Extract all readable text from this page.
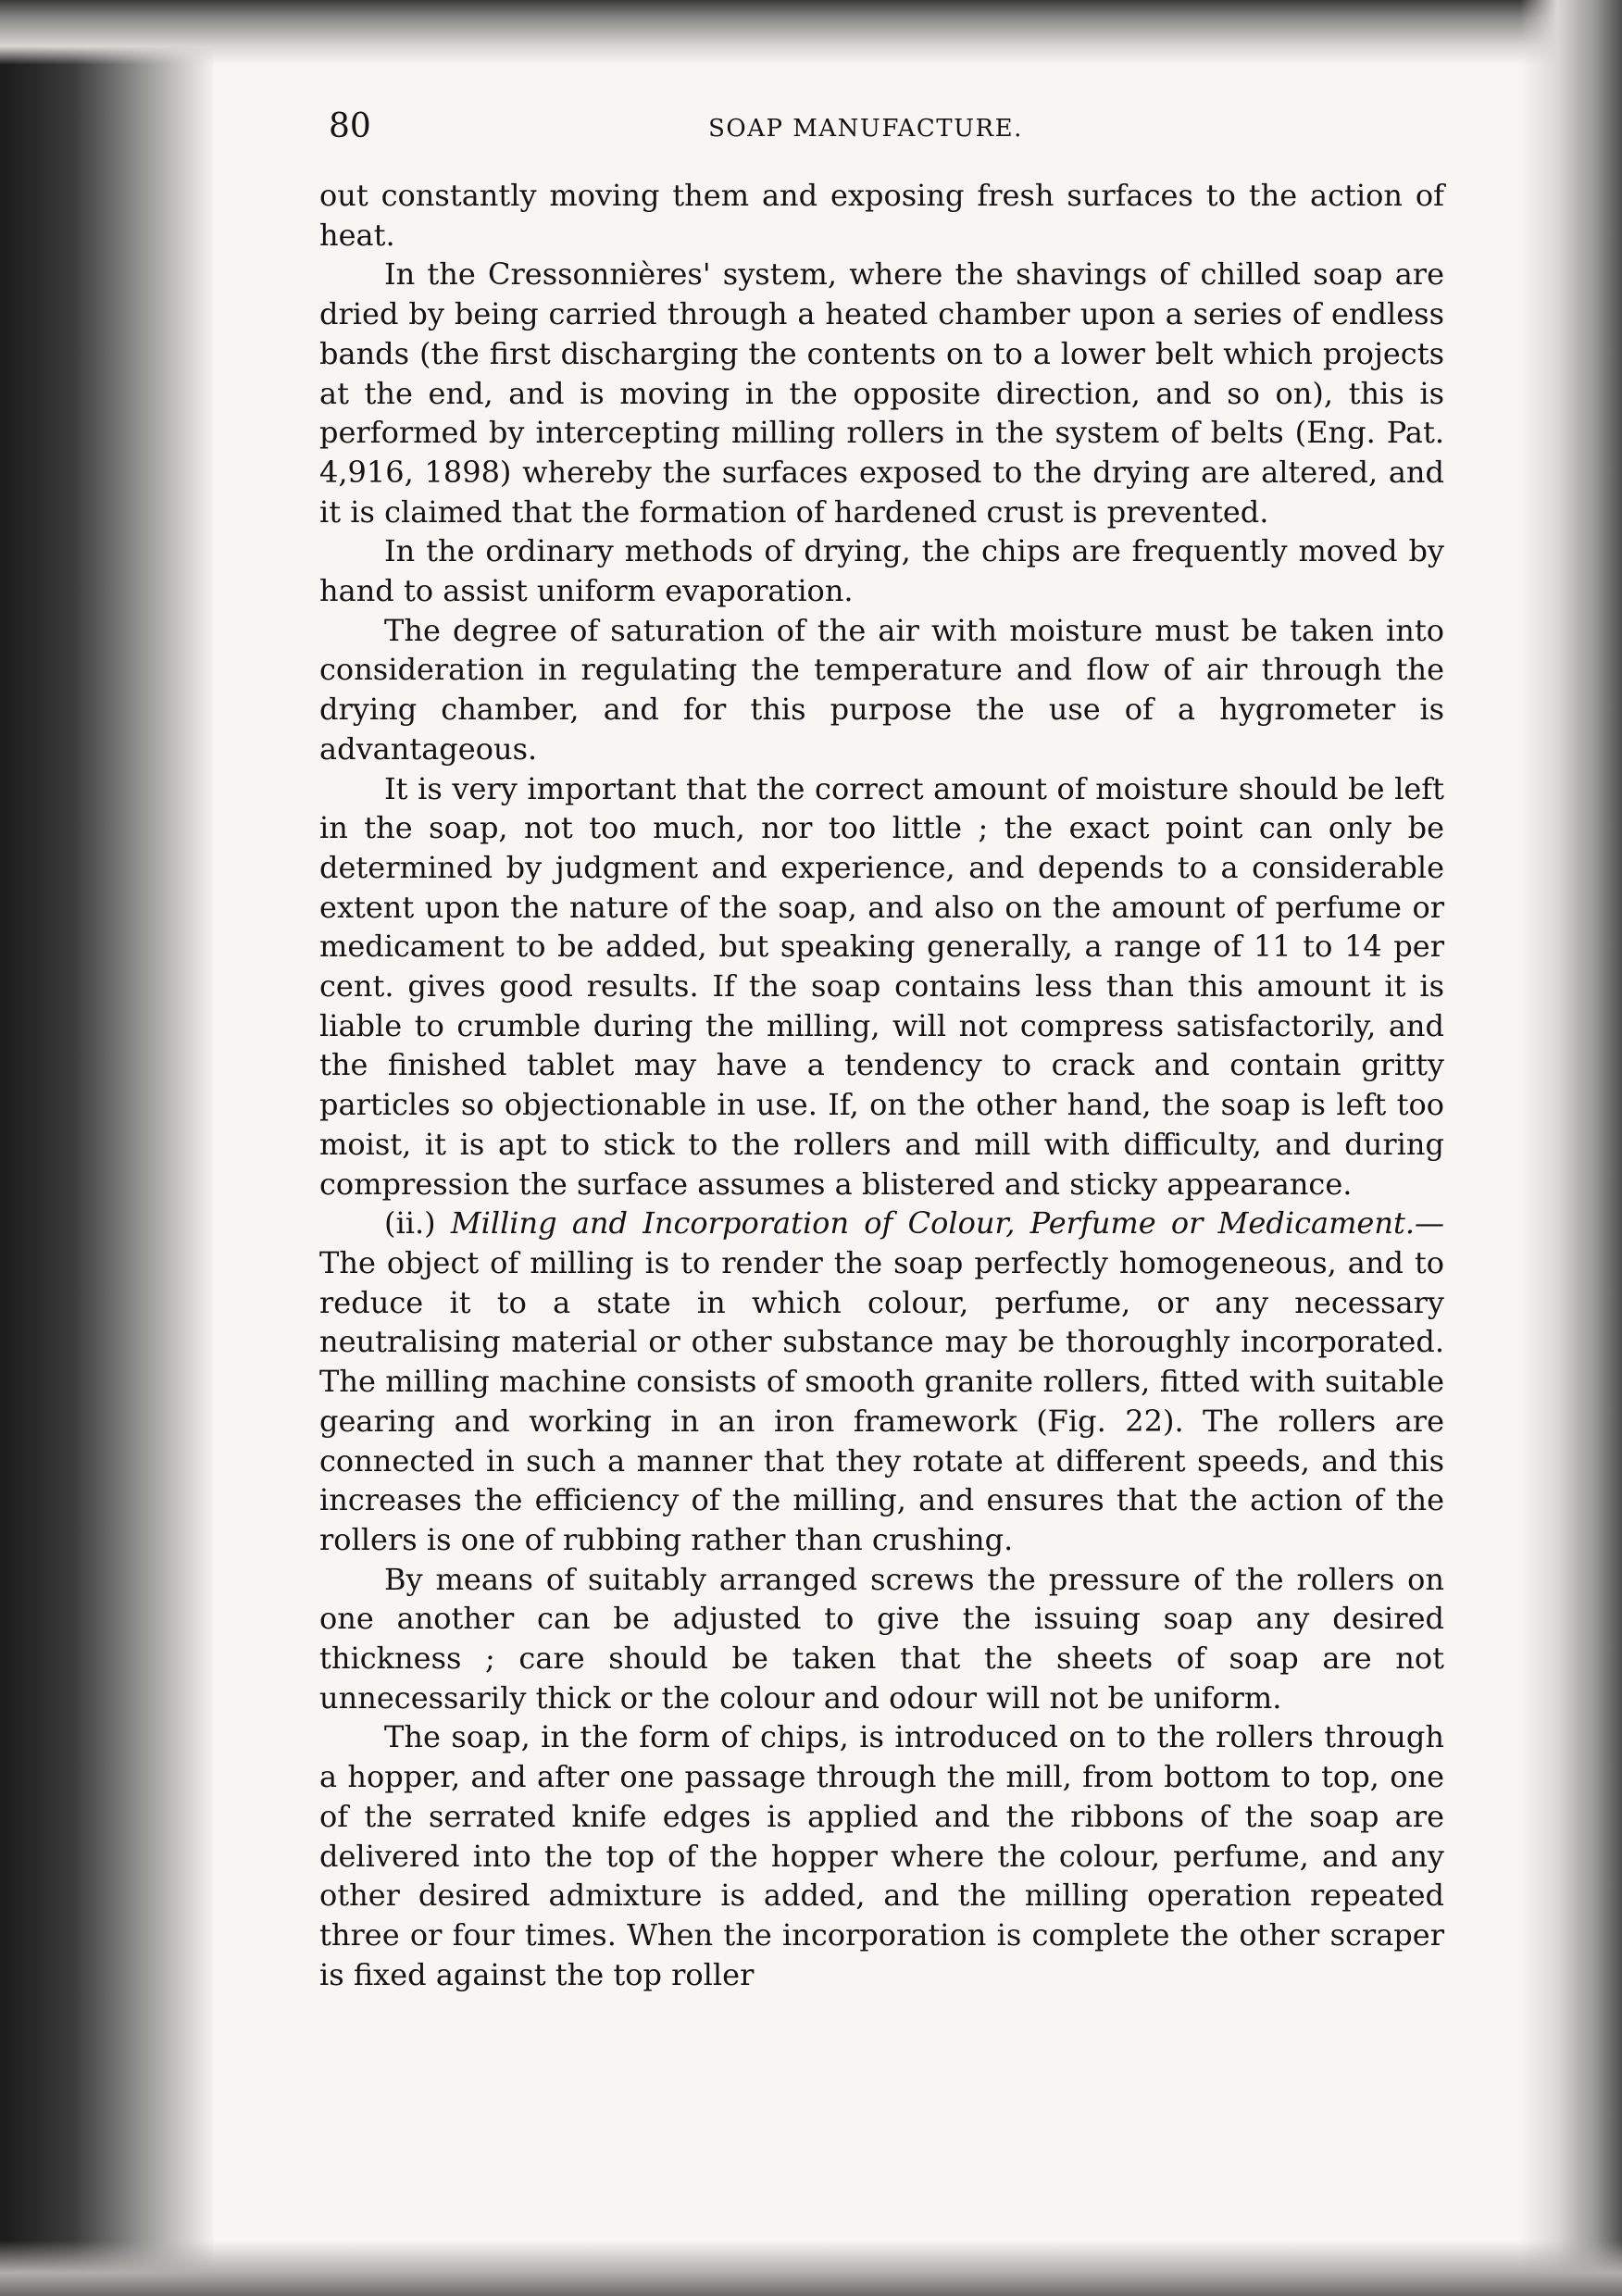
80	SOAP MANUFACTURE.

out constantly moving them and exposing fresh surfaces to the action of heat.

In the Cressonnières' system, where the shavings of chilled soap are dried by being carried through a heated chamber upon a series of endless bands (the first discharging the contents on to a lower belt which projects at the end, and is moving in the opposite direction, and so on), this is performed by intercepting milling rollers in the system of belts (Eng. Pat. 4,916, 1898) whereby the surfaces exposed to the drying are altered, and it is claimed that the formation of hardened crust is prevented.

In the ordinary methods of drying, the chips are frequently moved by hand to assist uniform evaporation.

The degree of saturation of the air with moisture must be taken into consideration in regulating the temperature and flow of air through the drying chamber, and for this purpose the use of a hygrometer is advantageous.

It is very important that the correct amount of moisture should be left in the soap, not too much, nor too little ; the exact point can only be determined by judgment and experience, and depends to a considerable extent upon the nature of the soap, and also on the amount of perfume or medicament to be added, but speaking generally, a range of 11 to 14 per cent. gives good results. If the soap contains less than this amount it is liable to crumble during the milling, will not compress satisfactorily, and the finished tablet may have a tendency to crack and contain gritty particles so objectionable in use. If, on the other hand, the soap is left too moist, it is apt to stick to the rollers and mill with difficulty, and during compression the surface assumes a blistered and sticky appearance.

(ii.) Milling and Incorporation of Colour, Perfume or Medicament.— The object of milling is to render the soap perfectly homogeneous, and to reduce it to a state in which colour, perfume, or any necessary neutralising material or other substance may be thoroughly incorporated. The milling machine consists of smooth granite rollers, fitted with suitable gearing and working in an iron framework (Fig. 22). The rollers are connected in such a manner that they rotate at different speeds, and this increases the efficiency of the milling, and ensures that the action of the rollers is one of rubbing rather than crushing.

By means of suitably arranged screws the pressure of the rollers on one another can be adjusted to give the issuing soap any desired thickness ; care should be taken that the sheets of soap are not unnecessarily thick or the colour and odour will not be uniform.

The soap, in the form of chips, is introduced on to the rollers through a hopper, and after one passage through the mill, from bottom to top, one of the serrated knife edges is applied and the ribbons of the soap are delivered into the top of the hopper where the colour, perfume, and any other desired admixture is added, and the milling operation repeated three or four times. When the incorporation is complete the other scraper is fixed against the top roller
